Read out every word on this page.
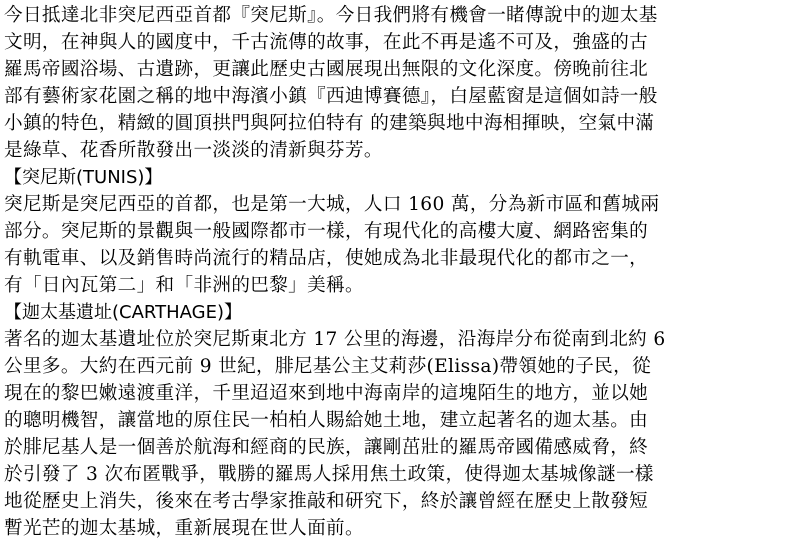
今日抵達北非突尼西亞首都『突尼斯』。今日我們將有機會一睹傳說中的迦太基
文明，在神與人的國度中，千古流傳的故事，在此不再是遙不可及，強盛的古
羅馬帝國浴場、古遺跡，更讓此歷史古國展現出無限的文化深度。傍晚前往北
部有藝術家花園之稱的地中海濱小鎮『西迪博賽德』，白屋藍窗是這個如詩一般
小鎮的特色，精緻的圓頂拱門與阿拉伯特有 的建築與地中海相揮映，空氣中滿
是綠草、花香所散發出一淡淡的清新與芬芳。
【突尼斯(TUNIS)】
突尼斯是突尼西亞的首都，也是第一大城，人口 160 萬，分為新市區和舊城兩
部分。突尼斯的景觀與一般國際都市一樣，有現代化的高樓大廈、網路密集的
有軌電車、以及銷售時尚流行的精品店，使她成為北非最現代化的都市之一，
有「日內瓦第二」和「非洲的巴黎」美稱。
【迦太基遺址(CARTHAGE)】
著名的迦太基遺址位於突尼斯東北方 17 公里的海邊，沿海岸分布從南到北約 6
公里多。大約在西元前 9 世紀，腓尼基公主艾莉莎(Elissa)帶領她的子民，從
現在的黎巴嫩遠渡重洋，千里迢迢來到地中海南岸的這塊陌生的地方，並以她
的聰明機智，讓當地的原住民一柏柏人賜給她土地，建立起著名的迦太基。由
於腓尼基人是一個善於航海和經商的民族，讓剛茁壯的羅馬帝國備感威脅，終
於引發了 3 次布匿戰爭，戰勝的羅馬人採用焦土政策，使得迦太基城像謎一樣
地從歷史上消失，後來在考古學家推敲和研究下，終於讓曾經在歷史上散發短
暫光芒的迦太基城，重新展現在世人面前。
